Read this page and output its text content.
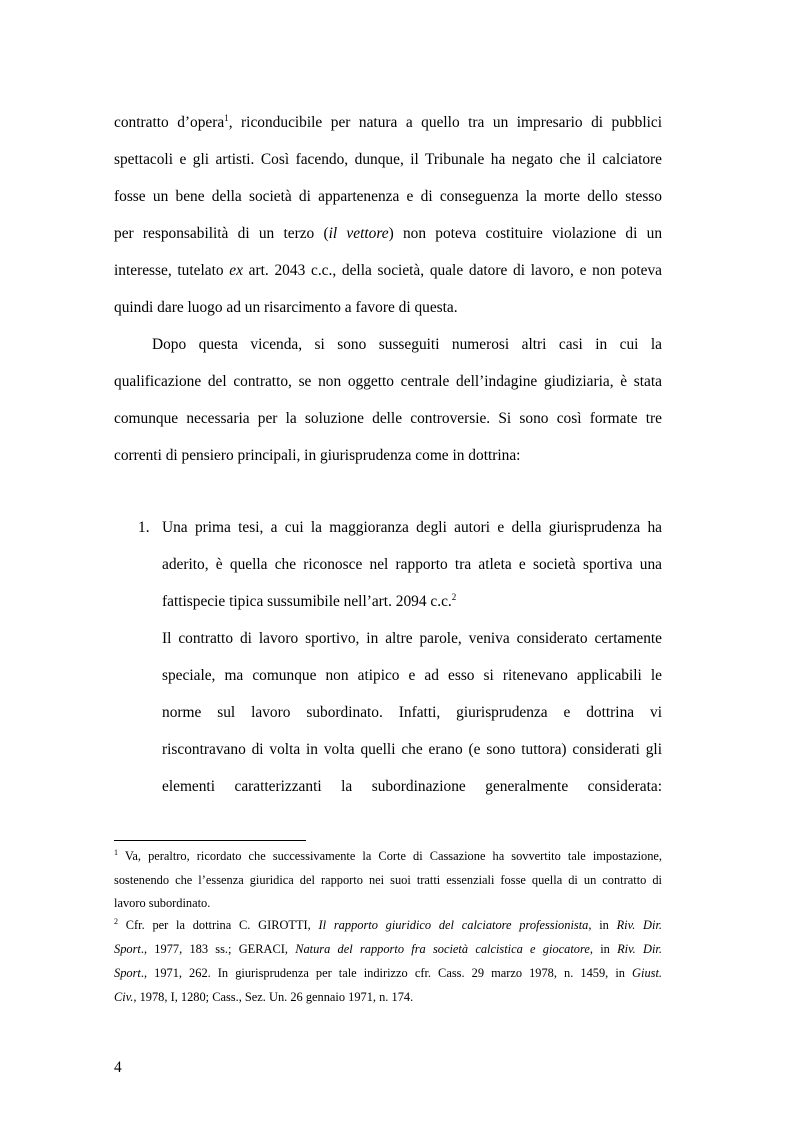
contratto d’opera$^1$, riconducibile per natura a quello tra un impresario di pubblici
spettacoli e gli artisti. Così facendo, dunque, il Tribunale ha negato che il calciatore
fosse un bene della società di appartenenza e di conseguenza la morte dello stesso
per responsabilità di un terzo (il vettore) non poteva costituire violazione di un
interesse, tutelato ex art. 2043 c.c., della società, quale datore di lavoro, e non poteva
quindi dare luogo ad un risarcimento a favore di questa.
Dopo questa vicenda, si sono susseguiti numerosi altri casi in cui la
qualificazione del contratto, se non oggetto centrale dell’indagine giudiziaria, è stata
comunque necessaria per la soluzione delle controversie. Si sono così formate tre
correnti di pensiero principali, in giurisprudenza come in dottrina:
1. Una prima tesi, a cui la maggioranza degli autori e della giurisprudenza ha
aderito, è quella che riconosce nel rapporto tra atleta e società sportiva una
fattispecie tipica sussumibile nell’art. 2094 c.c.$^2$
Il contratto di lavoro sportivo, in altre parole, veniva considerato certamente
speciale, ma comunque non atipico e ad esso si ritenevano applicabili le
norme sul lavoro subordinato. Infatti, giurisprudenza e dottrina vi
riscontravano di volta in volta quelli che erano (e sono tuttora) considerati gli
elementi caratterizzanti la subordinazione generalmente considerata:
$^1$ Va, peraltro, ricordato che successivamente la Corte di Cassazione ha sovvertito tale impostazione,
sostenendo che l’essenza giuridica del rapporto nei suoi tratti essenziali fosse quella di un contratto di
lavoro subordinato.
$^2$ Cfr. per la dottrina C. GIROTTI, Il rapporto giuridico del calciatore professionista, in Riv. Dir.
Sport., 1977, 183 ss.; GERACI, Natura del rapporto fra società calcistica e giocatore, in Riv. Dir.
Sport., 1971, 262. In giurisprudenza per tale indirizzo cfr. Cass. 29 marzo 1978, n. 1459, in Giust.
Civ., 1978, I, 1280; Cass., Sez. Un. 26 gennaio 1971, n. 174.
4
